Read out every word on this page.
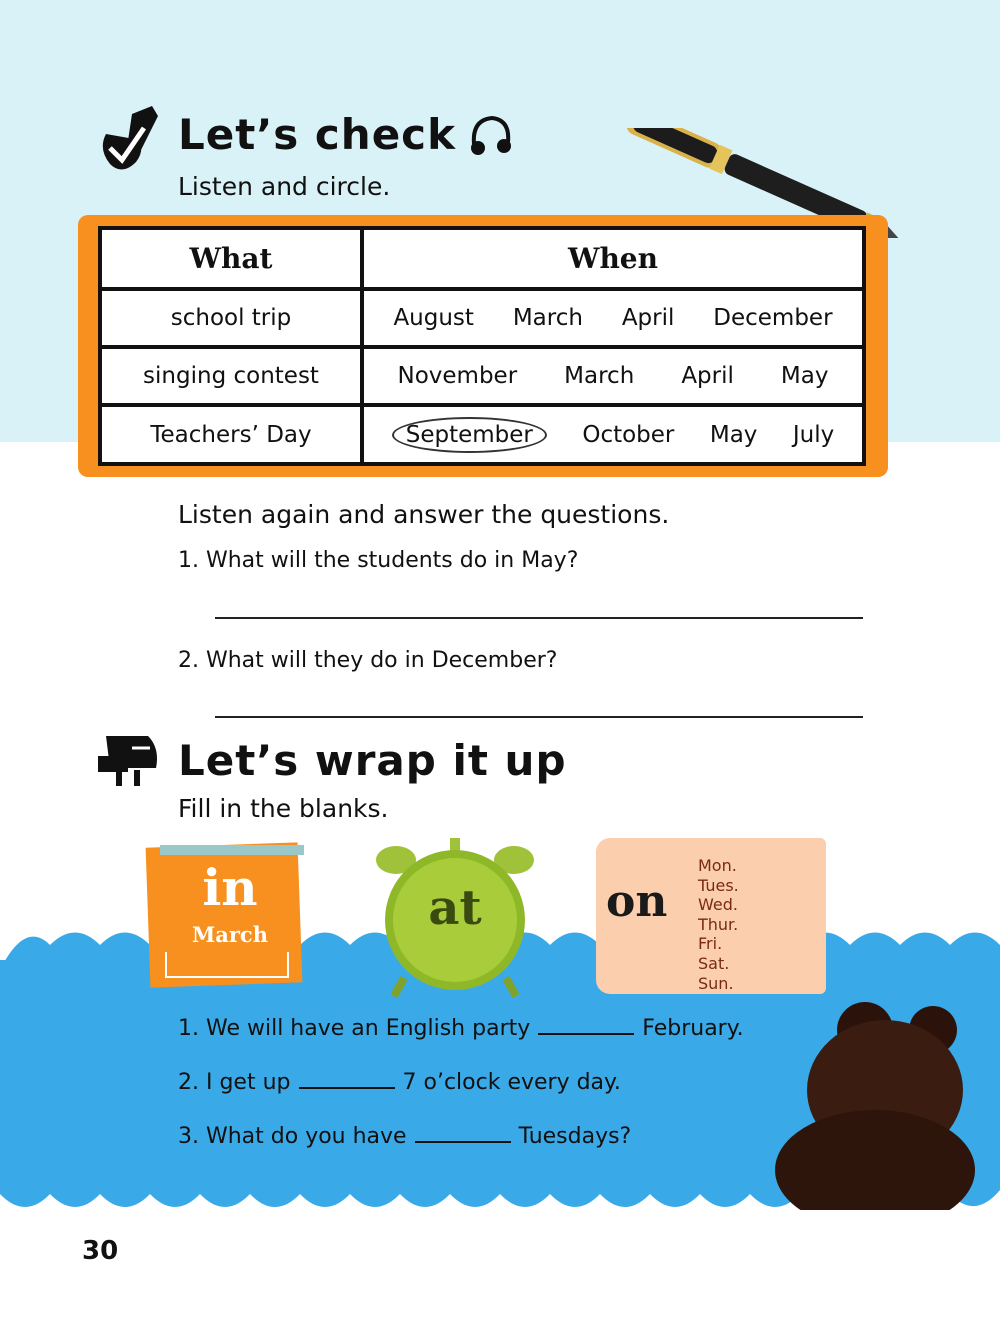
Let’s check
Listen and circle.
What	When
school trip	August March April December

singing contest	November March April May

Teachers’ Day	September October May July
Listen again and answer the questions.
1. What will the students do in May?
2. What will they do in December?
Let’s wrap it up
Fill in the blanks.
in
March	at	on
Mon.
Tues.
Wed.
Thur.
Fri.
Sat.
Sun.
1. We will have an English party	February.
2. I get up	7 o’clock every day.
3. What do you have	Tuesdays?
30
